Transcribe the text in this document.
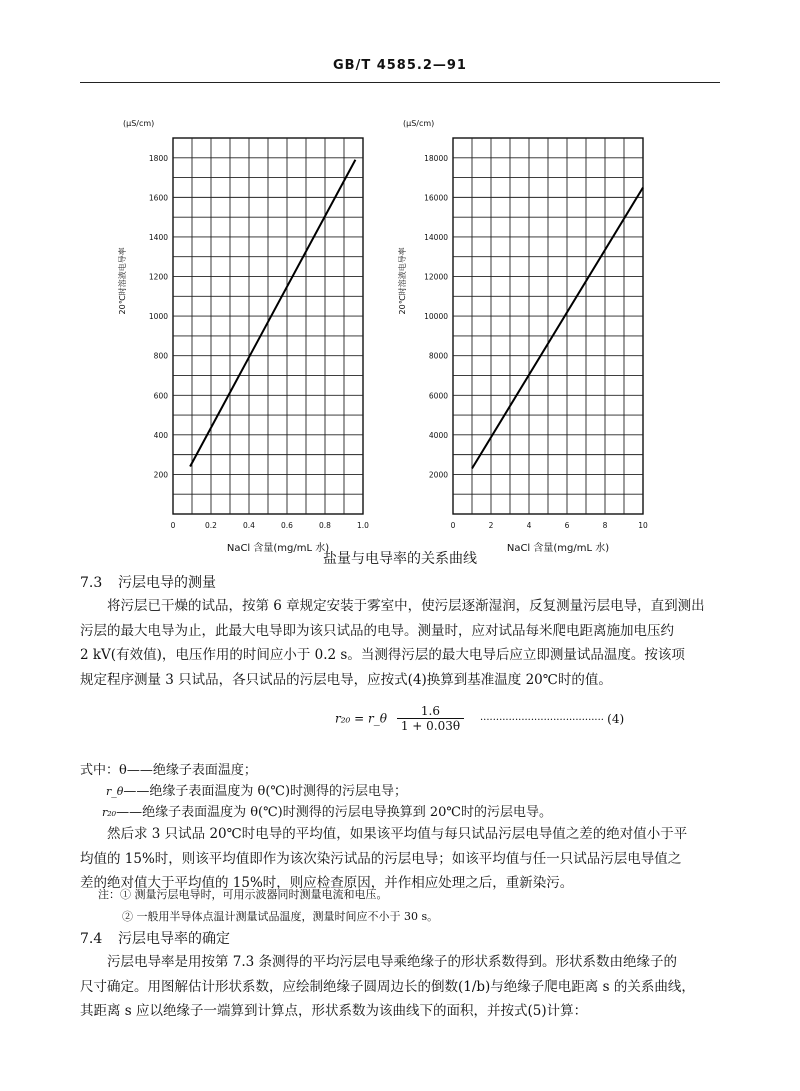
GB/T 4585.2—91
200
400
600
800
1000
1200
1400
1600
1800
0	0.2	0.4	0.6	0.8	1.0
(μS/cm)
20℃时溶液电导率
NaCl 含量(mg/mL 水)
2000
4000
6000
8000
10000
12000
14000
16000
18000
0	2	4	6	8	10
(μS/cm)
20℃时溶液电导率
NaCl 含量(mg/mL 水)
盐量与电导率的关系曲线
7.3 污层电导的测量
将污层已干燥的试品，按第 6 章规定安装于雾室中，使污层逐渐湿润，反复测量污层电导，直到测出
污层的最大电导为止，此最大电导即为该只试品的电导。测量时，应对试品每米爬电距离施加电压约
2 kV(有效值)，电压作用的时间应小于 0.2 s。当测得污层的最大电导后应立即测量试品温度。按该项
规定程序测量 3 只试品，各只试品的污层电导，应按式(4)换算到基准温度 20℃时的值。
r₂₀ = r_θ $\frac{1.6}{1 + 0.03\theta}$ ······································· (4)
式中：θ——绝缘子表面温度；
r_θ——绝缘子表面温度为 θ(℃)时测得的污层电导；
r₂₀——绝缘子表面温度为 θ(℃)时测得的污层电导换算到 20℃时的污层电导。
然后求 3 只试品 20℃时电导的平均值，如果该平均值与每只试品污层电导值之差的绝对值小于平
均值的 15%时，则该平均值即作为该次染污试品的污层电导；如该平均值与任一只试品污层电导值之
差的绝对值大于平均值的 15%时，则应检查原因，并作相应处理之后，重新染污。
注：① 测量污层电导时，可用示波器同时测量电流和电压。
② 一般用半导体点温计测量试品温度，测量时间应不小于 30 s。
7.4 污层电导率的确定
污层电导率是用按第 7.3 条测得的平均污层电导乘绝缘子的形状系数得到。形状系数由绝缘子的
尺寸确定。用图解估计形状系数，应绘制绝缘子圆周边长的倒数(1/b)与绝缘子爬电距离 s 的关系曲线，
其距离 s 应以绝缘子一端算到计算点，形状系数为该曲线下的面积，并按式(5)计算：
